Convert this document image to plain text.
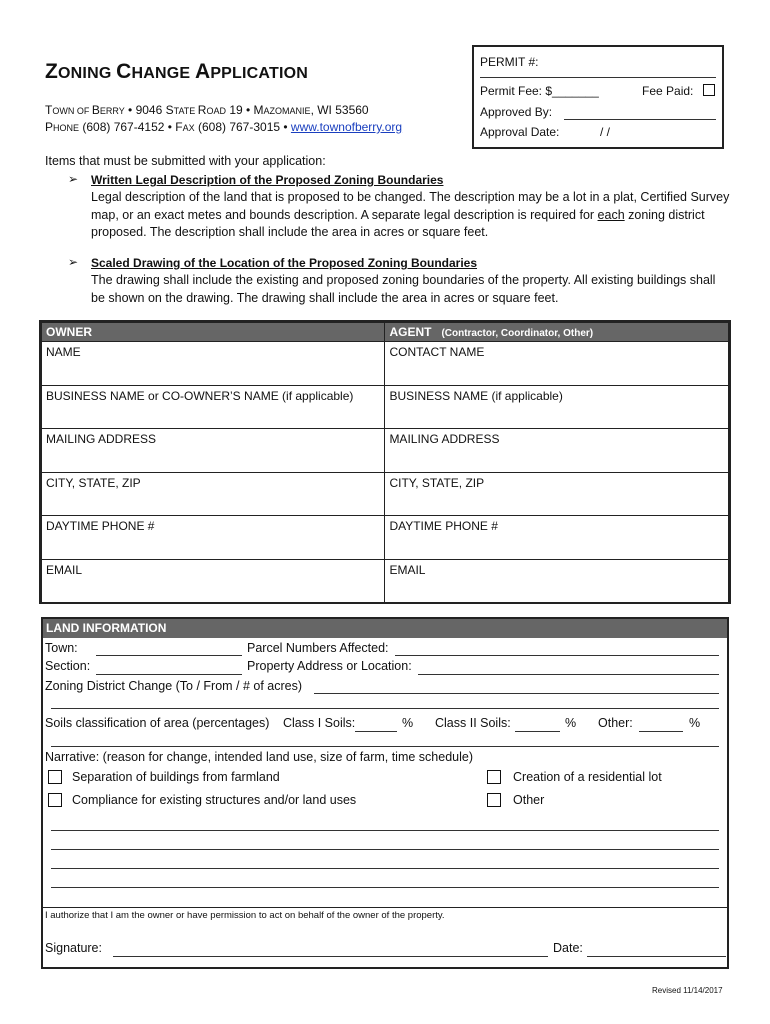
ZONING CHANGE APPLICATION
TOWN OF BERRY • 9046 STATE ROAD 19 • MAZOMANIE, WI 53560
PHONE (608) 767-4152 • FAX (608) 767-3015 • www.townofberry.org
PERMIT #:
Permit Fee: $_______	Fee Paid:
Approved By:
Approval Date:	/ /
Items that must be submitted with your application:
➢ Written Legal Description of the Proposed Zoning Boundaries
Legal description of the land that is proposed to be changed. The description may be a lot in a plat, Certified Survey map, or an exact metes and bounds description. A separate legal description is required for each zoning district proposed. The description shall include the area in acres or square feet.
➢ Scaled Drawing of the Location of the Proposed Zoning Boundaries
The drawing shall include the existing and proposed zoning boundaries of the property. All existing buildings shall be shown on the drawing. The drawing shall include the area in acres or square feet.
OWNER	AGENT (Contractor, Coordinator, Other)
NAME	CONTACT NAME
BUSINESS NAME or CO-OWNER’S NAME (if applicable)	BUSINESS NAME (if applicable)
MAILING ADDRESS	MAILING ADDRESS
CITY, STATE, ZIP	CITY, STATE, ZIP
DAYTIME PHONE #	DAYTIME PHONE #
EMAIL	EMAIL
LAND INFORMATION
Town:	Parcel Numbers Affected:
Section:	Property Address or Location:
Zoning District Change (To / From / # of acres)
Soils classification of area (percentages) Class I Soils:	% Class II Soils:	% Other:	%
Narrative: (reason for change, intended land use, size of farm, time schedule)
Separation of buildings from farmland	Creation of a residential lot
Compliance for existing structures and/or land uses	Other
I authorize that I am the owner or have permission to act on behalf of the owner of the property.
Signature:	Date:
Revised 11/14/2017
